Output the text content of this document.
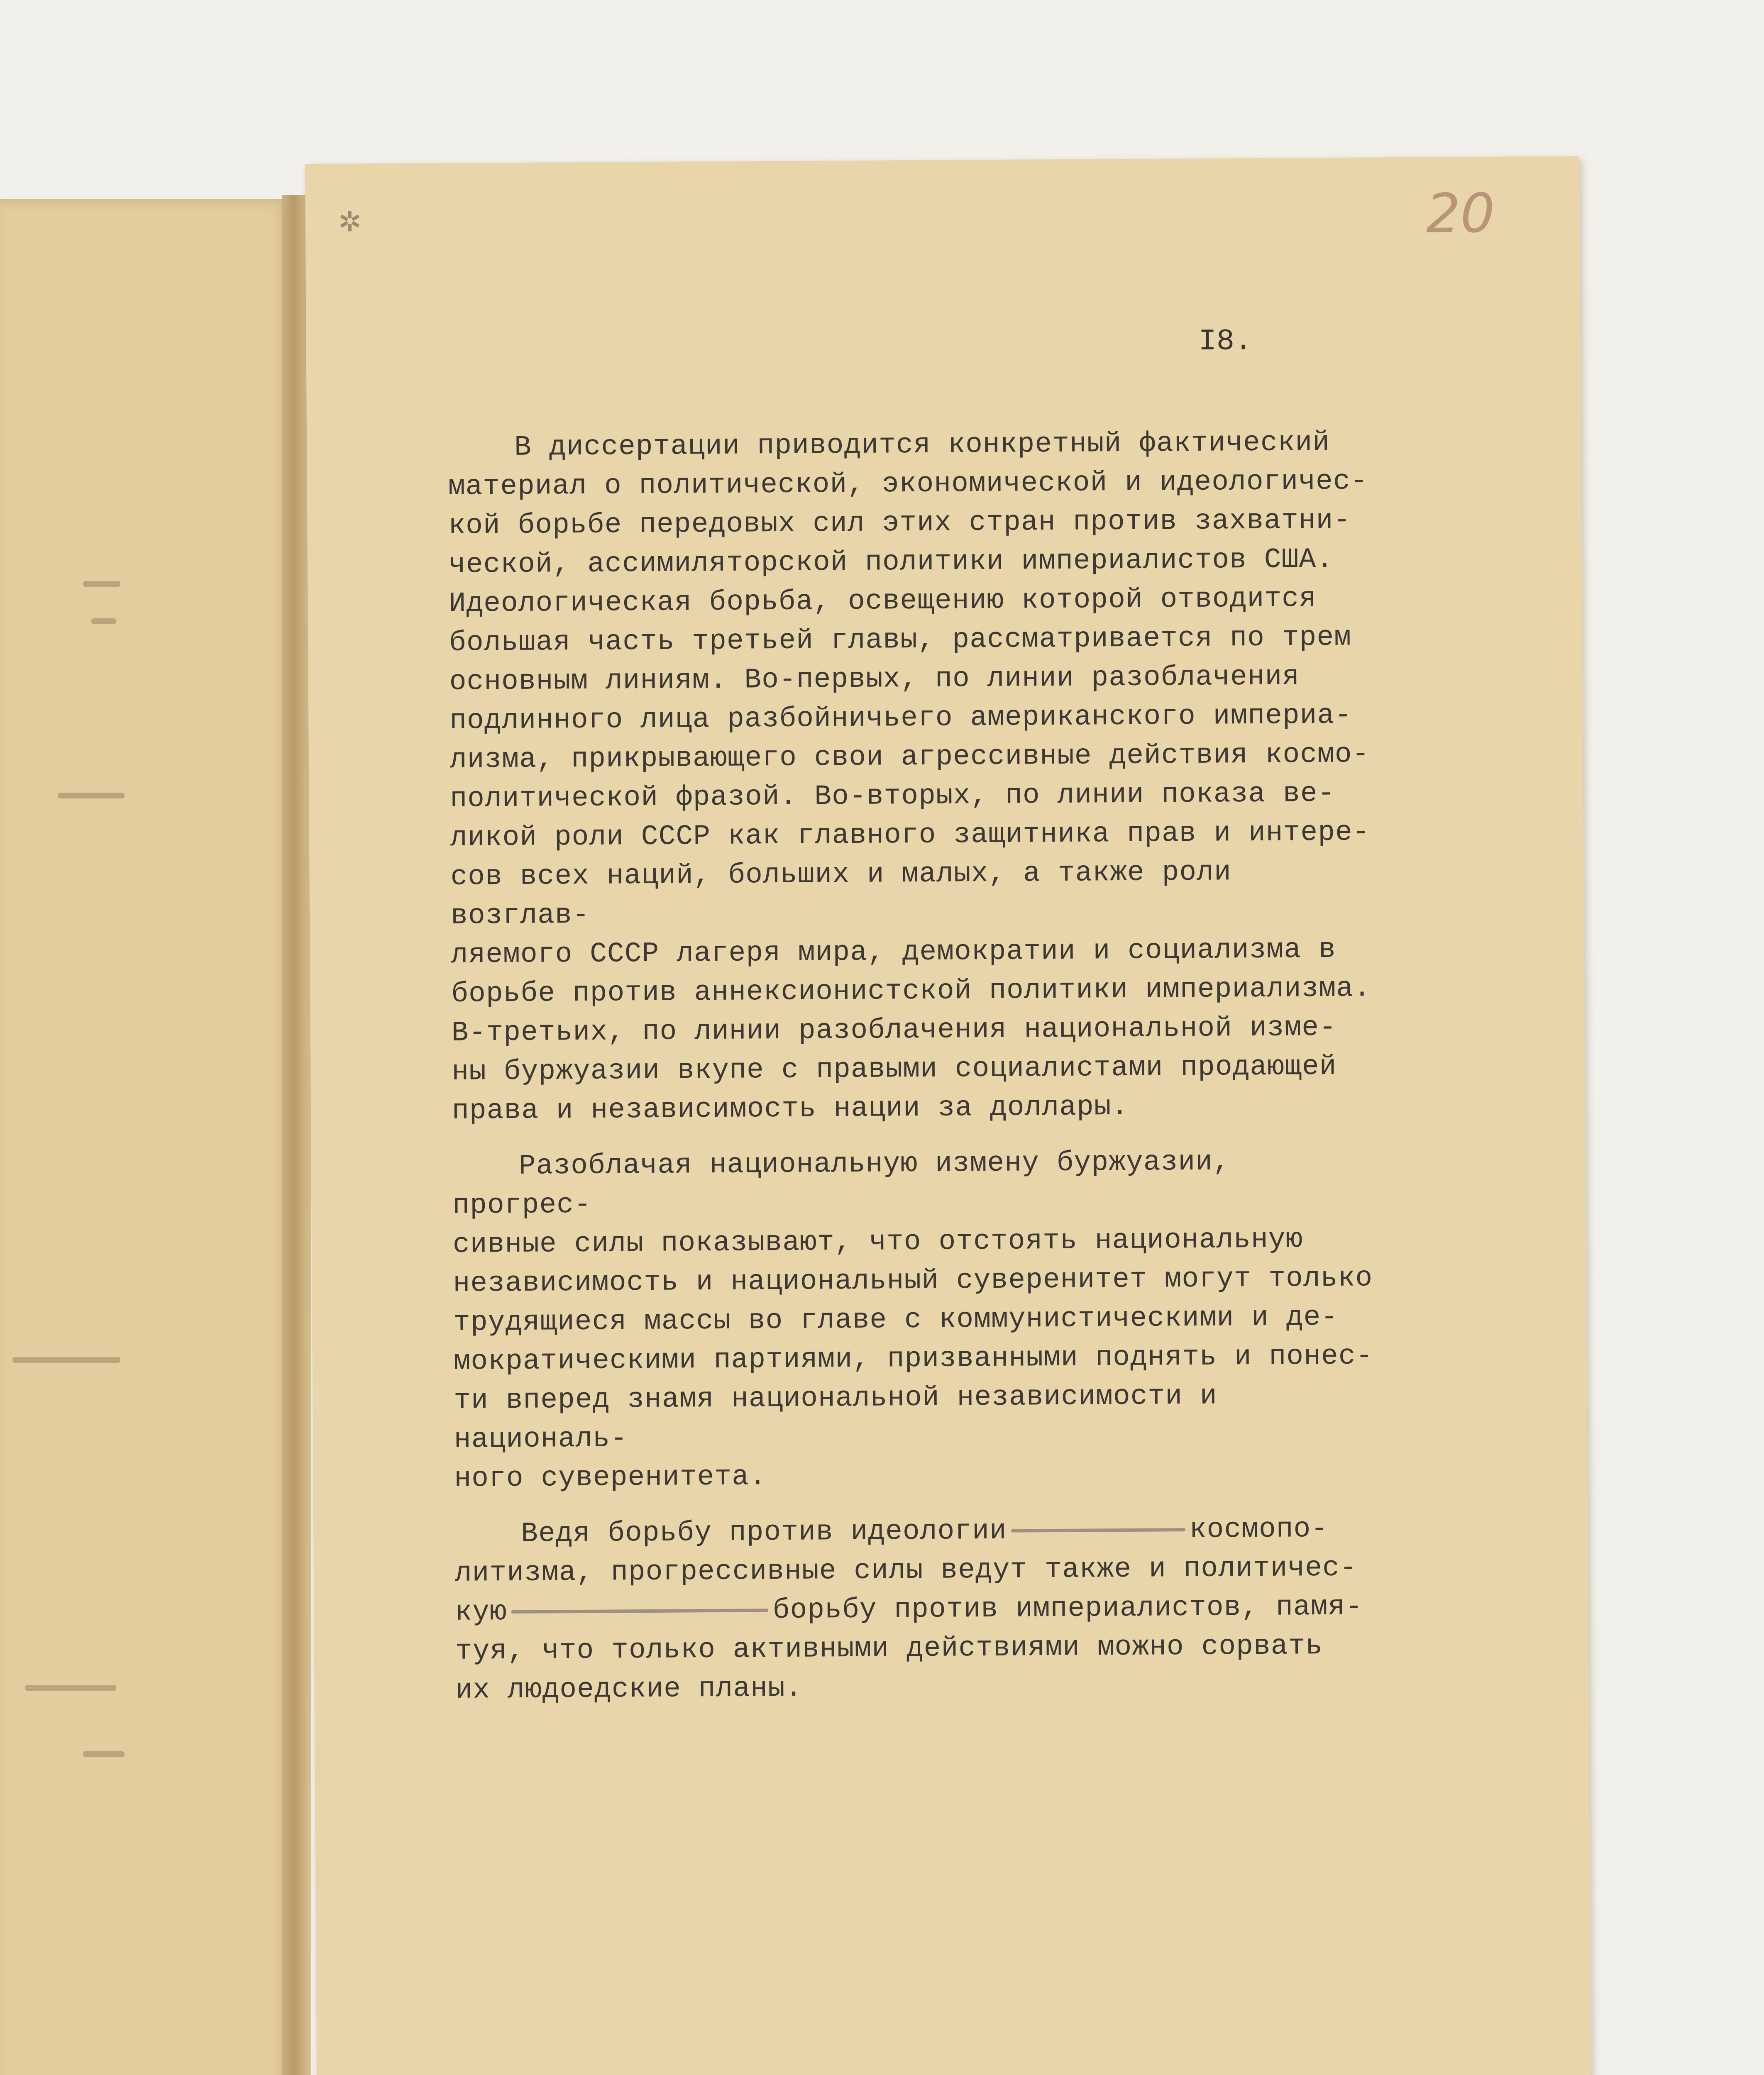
✲	20
I8.

В диссертации приводится конкретный фактический
материал о политической, экономической и идеологичес-
кой борьбе передовых сил этих стран против захватни-
ческой, ассимиляторской политики империалистов США.
Идеологическая борьба, освещению которой отводится
большая часть третьей главы, рассматривается по трем
основным линиям. Во-первых, по линии разоблачения
подлинного лица разбойничьего американского империа-
лизма, прикрывающего свои агрессивные действия космо-
политической фразой. Во-вторых, по линии показа ве-
ликой роли СССР как главного защитника прав и интере-
сов всех наций, больших и малых, а также роли возглав-
ляемого СССР лагеря мира, демократии и социализма в
борьбе против аннексионистской политики империализма.
В-третьих, по линии разоблачения национальной изме-
ны буржуазии вкупе с правыми социалистами продающей
права и независимость нации за доллары.

Разоблачая национальную измену буржуазии, прогрес-
сивные силы показывают, что отстоять национальную
независимость и национальный суверенитет могут только
трудящиеся массы во главе с коммунистическими и де-
мократическими партиями, призванными поднять и понес-
ти вперед знамя национальной независимости и националь-
ного суверенитета.

Ведя борьбу против идеологии	космопо-
литизма, прогрессивные силы ведут также и политичес-
кую	борьбу против империалистов, памя-
туя, что только активными действиями можно сорвать
их людоедские планы.
